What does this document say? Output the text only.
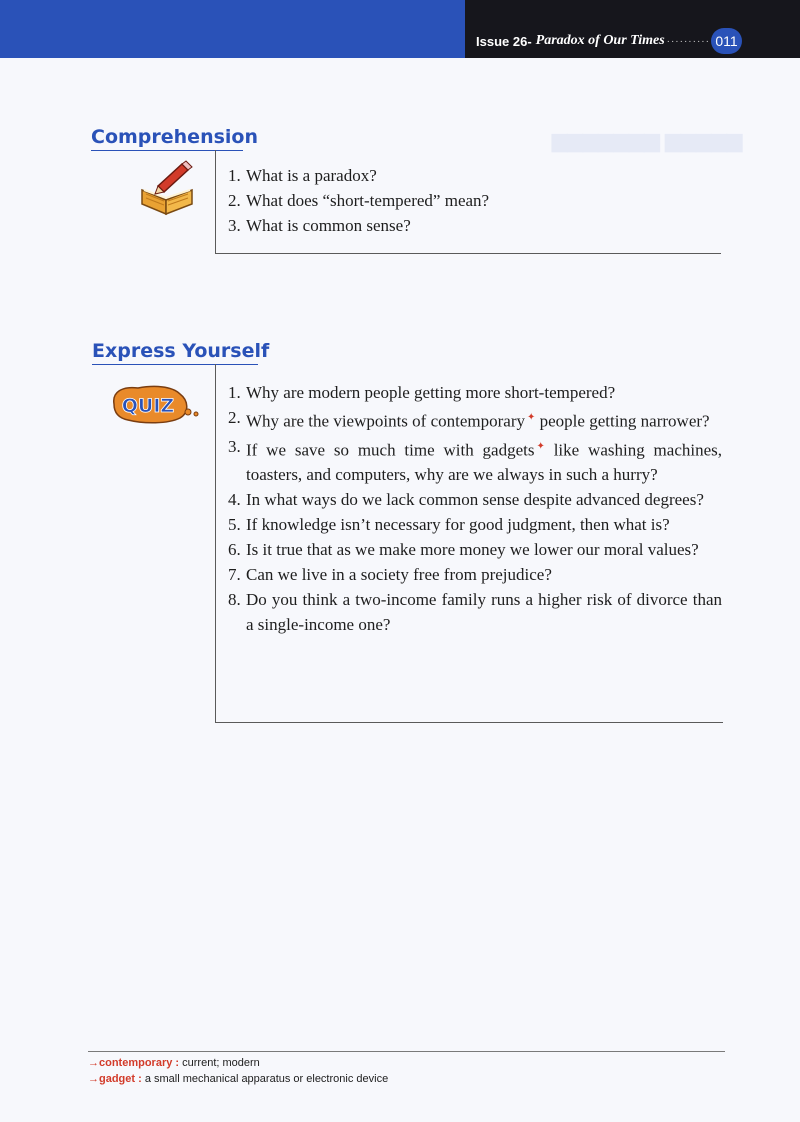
Issue 26- Paradox of Our Times ·········· 011
▆▆▆▆▆ ▆▆▆▆▆▆▆
Comprehension
1. What is a paradox?
2. What does “short-tempered” mean?
3. What is common sense?
Express Yourself
QUIZ
1. Why are modern people getting more short-tempered?
2. Why are the viewpoints of contemporary ✦ people getting narrower?
3. If we save so much time with gadgets ✦ like washing machines, toasters, and computers, why are we always in such a hurry?
4. In what ways do we lack common sense despite advanced degrees?
5. If knowledge isn’t necessary for good judgment, then what is?
6. Is it true that as we make more money we lower our moral values?
7. Can we live in a society free from prejudice?
8. Do you think a two-income family runs a higher risk of divorce than a single-income one?
→contemporary : current; modern
→gadget : a small mechanical apparatus or electronic device
